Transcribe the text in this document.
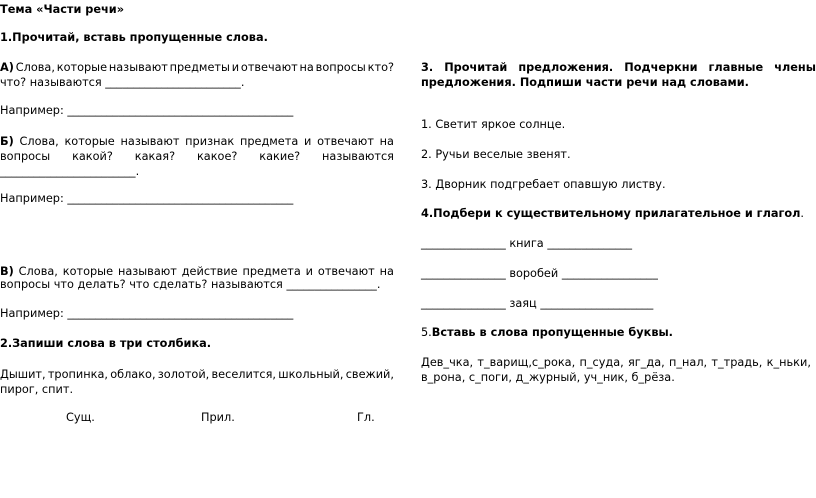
Тема «Части речи»
1.Прочитай, вставь пропущенные слова.
А) Слова, которые называют предметы и отвечают на вопросы кто?
что? называются ________________________.
Например: ________________________________________
Б) Слова, которые называют признак предмета и отвечают на
вопросы какой? какая? какое? какие? называются
________________________.
Например: ________________________________________
В) Слова, которые называют действие предмета и отвечают на
вопросы что делать? что сделать? называются ________________.
Например: ________________________________________
2.Запиши слова в три столбика.
Дышит, тропинка, облако, золотой, веселится, школьный, свежий,
пирог, спит.
Сущ.	Прил.	Гл.
3. Прочитай предложения. Подчеркни главные члены
предложения. Подпиши части речи над словами.
1. Светит яркое солнце.
2. Ручьи веселые звенят.
3. Дворник подгребает опавшую листву.
4.Подбери к существительному прилагательное и глагол.
_______________ книга _______________
_______________ воробей _________________
_______________ заяц ____________________
5.Вставь в слова пропущенные буквы.
Дев_чка, т_варищ,с_рока, п_суда, яг_да, п_нал, т_традь, к_ньки,
в_рона, с_поги, д_журный, уч_ник, б_рёза.
